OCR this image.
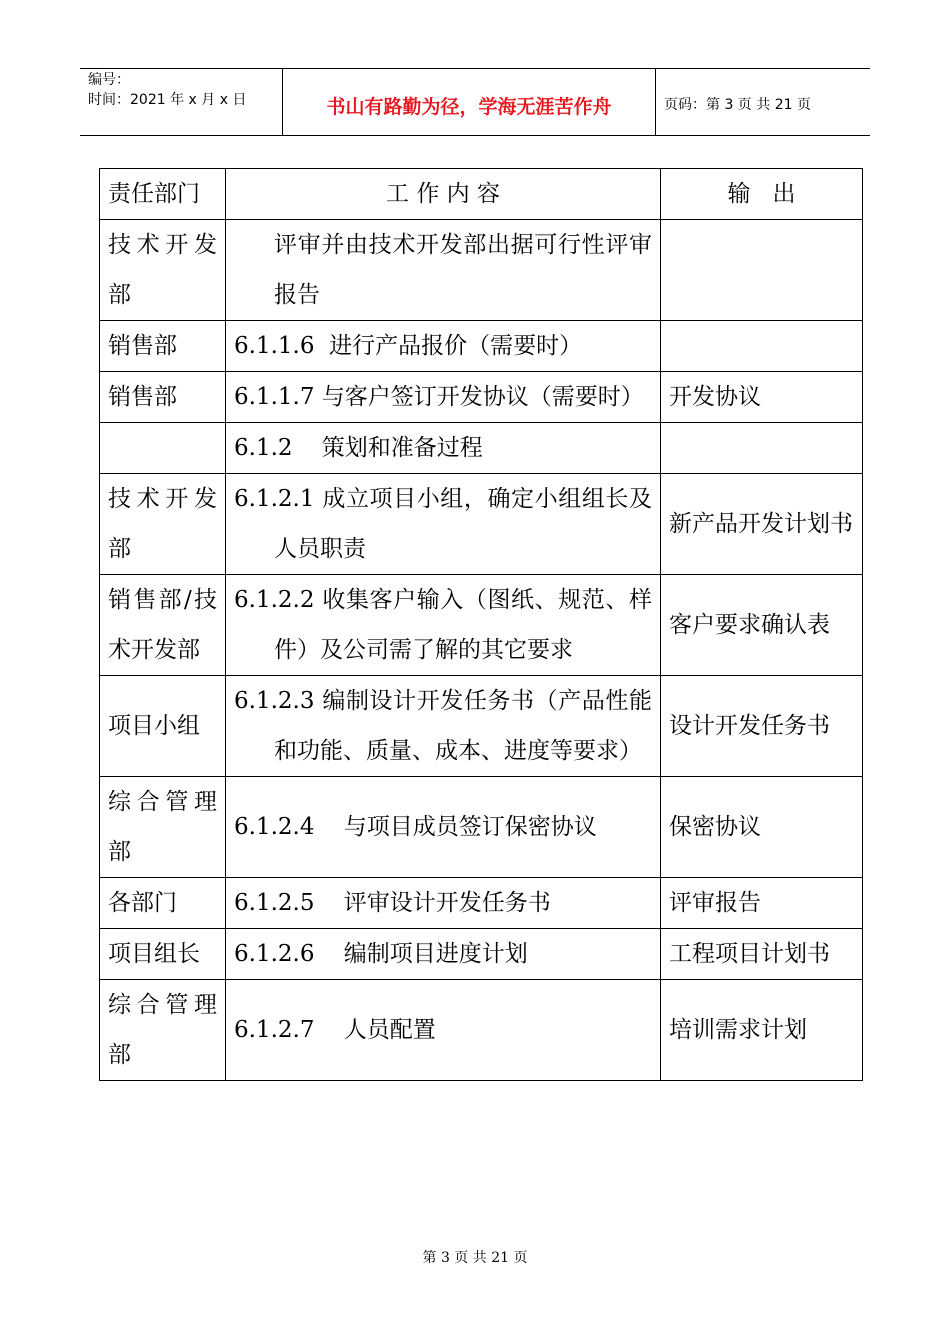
编号：
时间：2021 年 x 月 x 日	书山有路勤为径，学海无涯苦作舟	页码：第 3 页 共 21 页
责任部门	工 作 内 容	输   出
技术开发部	评审并由技术开发部出据可行性评审报告	

销售部	6.1.1.6  进行产品报价（需要时）	
销售部	6.1.1.7 与客户签订开发协议（需要时）	开发协议
	6.1.2    策划和准备过程	
技术开发部	6.1.2.1 成立项目小组，确定小组组长及人员职责	新产品开发计划书
销售部/技术开发部	6.1.2.2 收集客户输入（图纸、规范、样件）及公司需了解的其它要求	客户要求确认表
项目小组	6.1.2.3 编制设计开发任务书（产品性能和功能、质量、成本、进度等要求）	设计开发任务书
综合管理部	6.1.2.4    与项目成员签订保密协议	保密协议
各部门	6.1.2.5    评审设计开发任务书	评审报告
项目组长	6.1.2.6    编制项目进度计划	工程项目计划书
综合管理部	6.1.2.7    人员配置	培训需求计划
第 3 页 共 21 页
